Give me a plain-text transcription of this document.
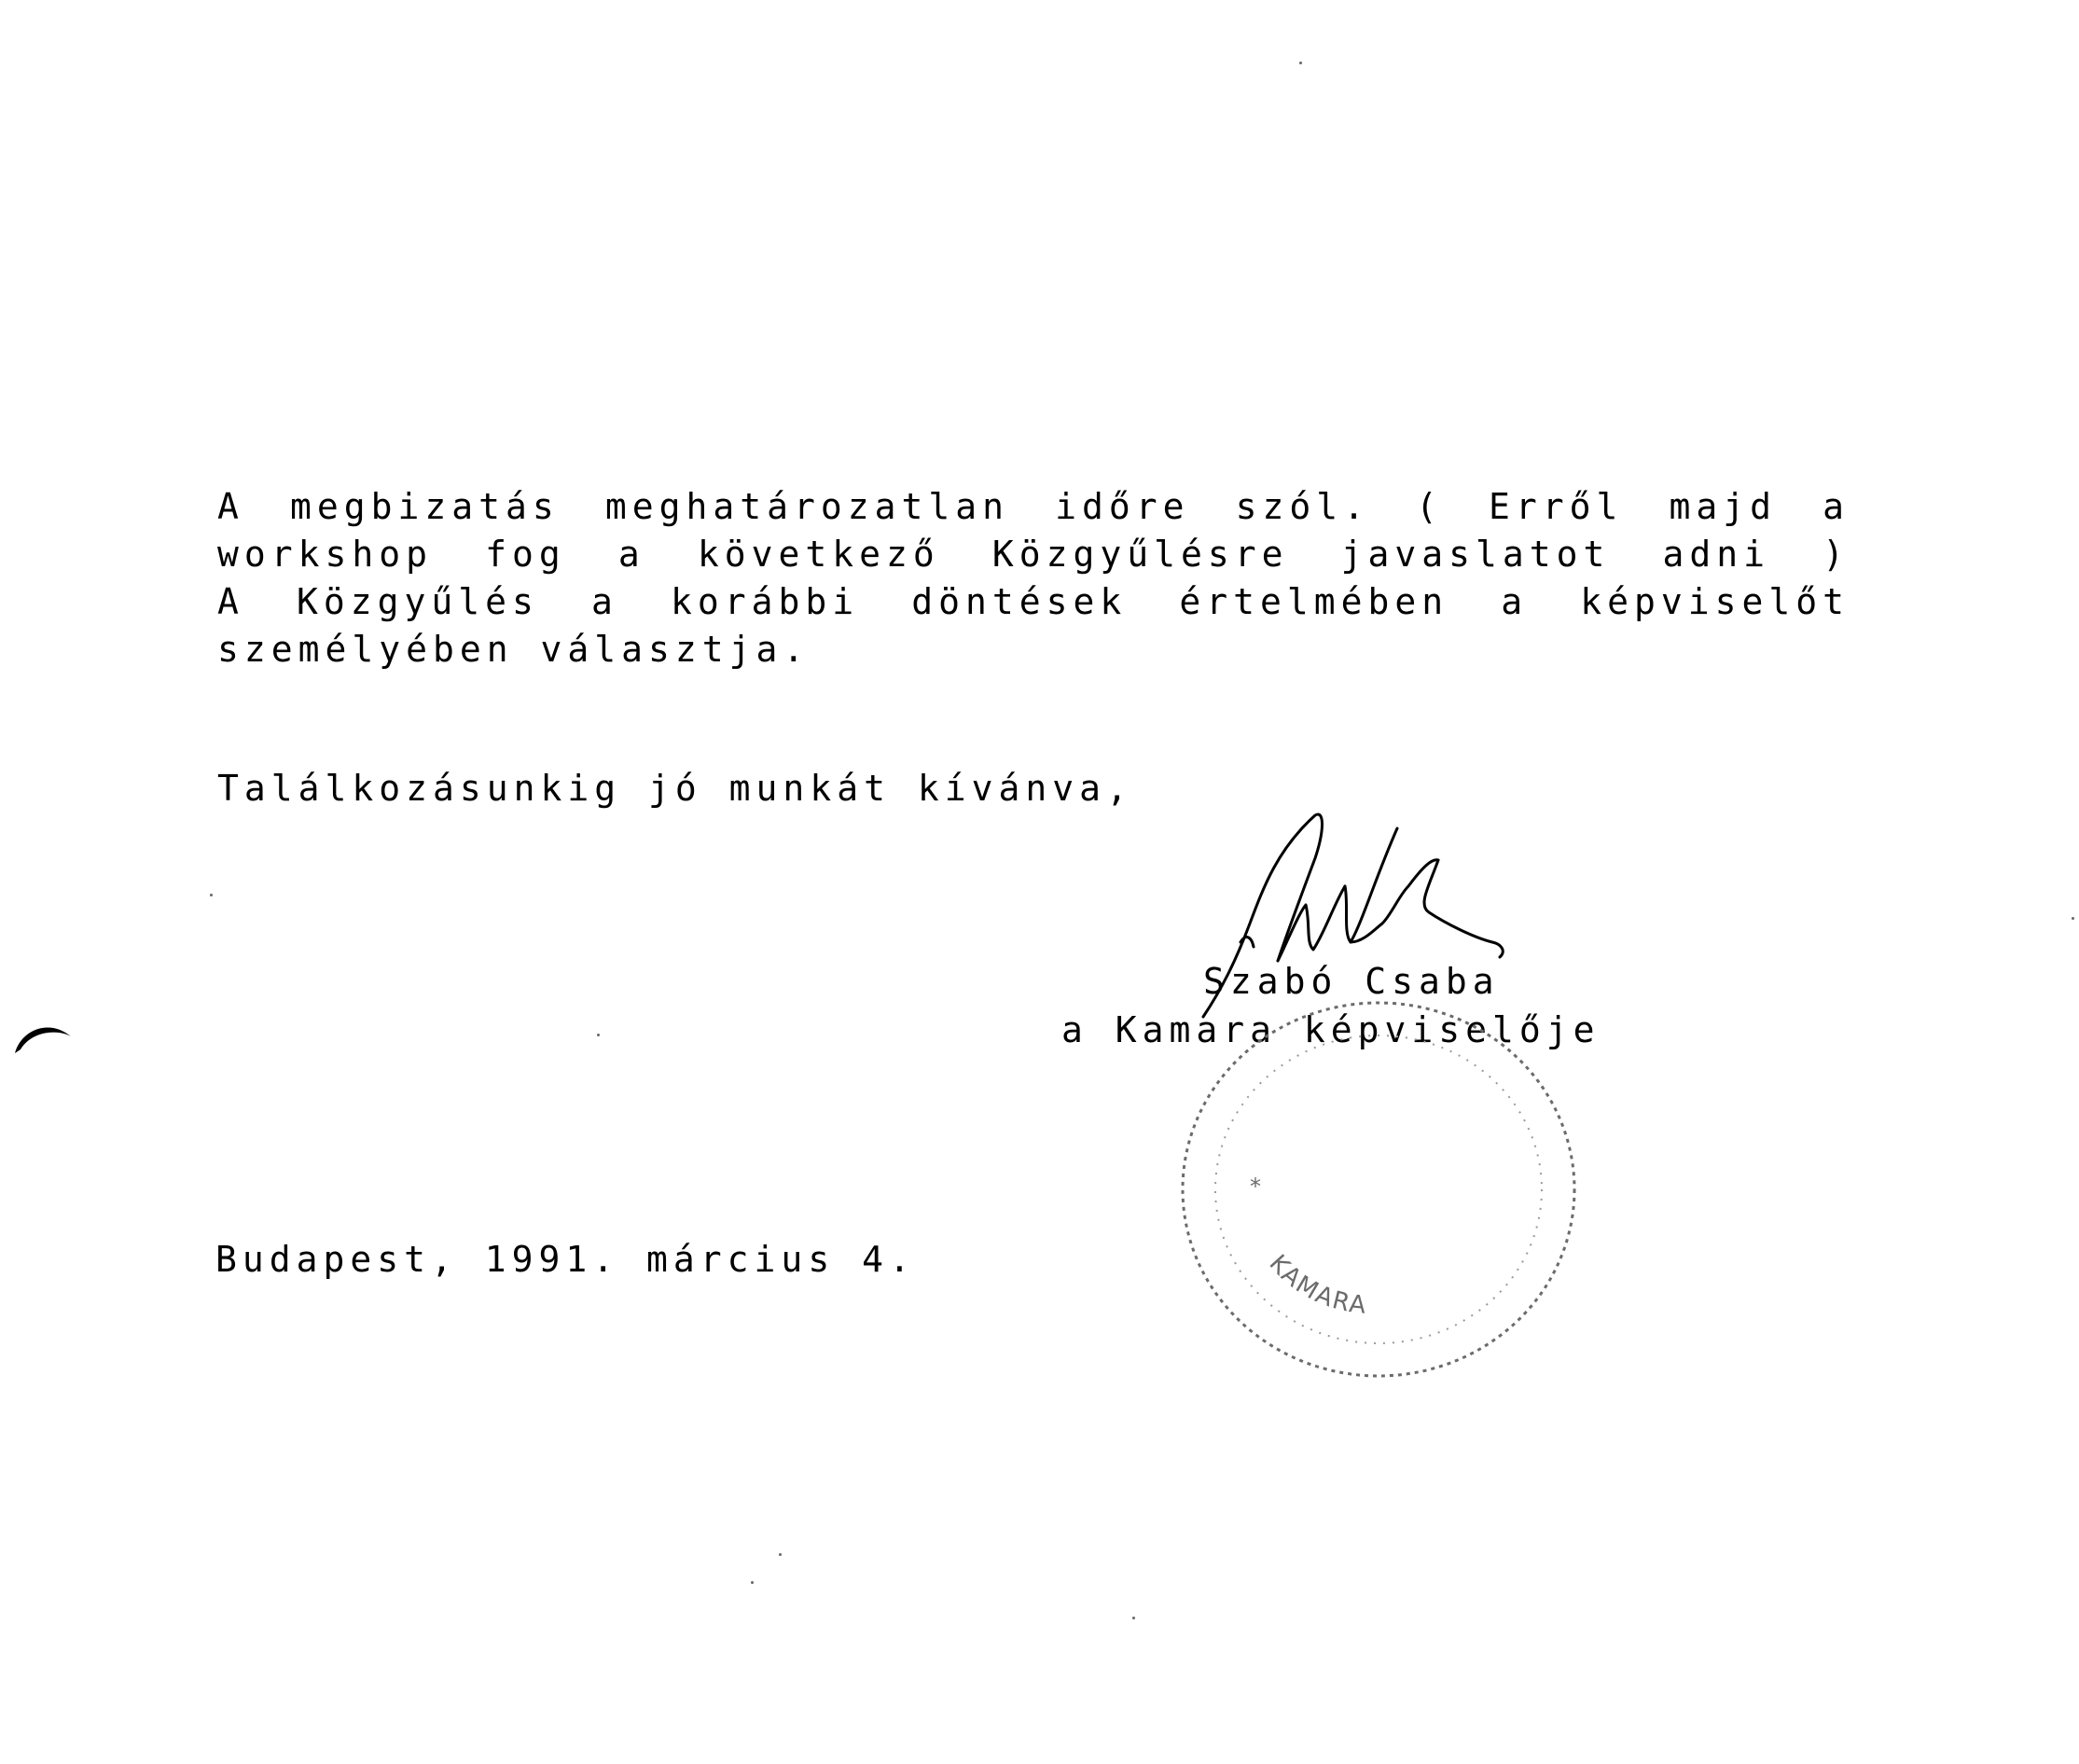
A megbizatás meghatározatlan időre szól. ( Erről majd a
workshop fog a következő Közgyűlésre javaslatot adni )
A Közgyűlés a korábbi döntések értelmében a képviselőt
személyében választja.
Találkozásunkig jó munkát kívánva,
Szabó Csaba
a Kamara képviselője
KAMARA
*
Budapest, 1991. március 4.
